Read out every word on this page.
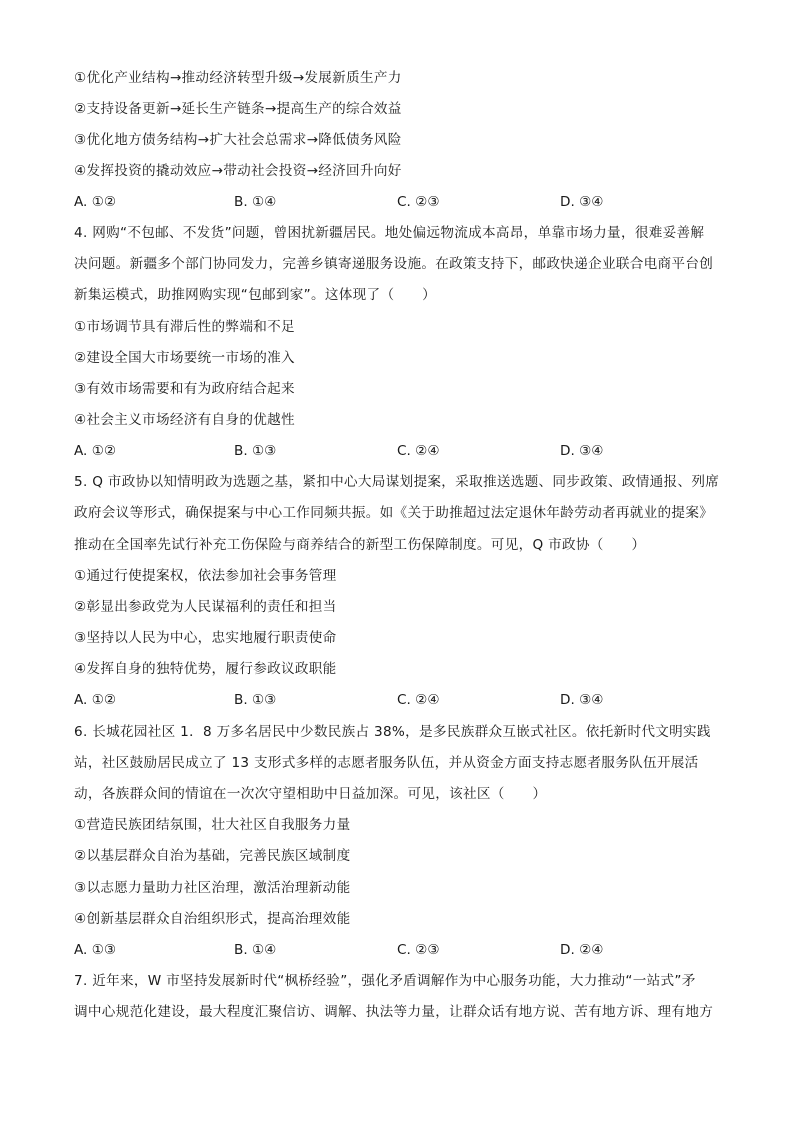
①优化产业结构→推动经济转型升级→发展新质生产力
②支持设备更新→延长生产链条→提高生产的综合效益
③优化地方债务结构→扩大社会总需求→降低债务风险
④发挥投资的撬动效应→带动社会投资→经济回升向好
A. ①②	B. ①④	C. ②③	D. ③④
4. 网购“不包邮、不发货”问题，曾困扰新疆居民。地处偏远物流成本高昂，单靠市场力量，很难妥善解
决问题。新疆多个部门协同发力，完善乡镇寄递服务设施。在政策支持下，邮政快递企业联合电商平台创
新集运模式，助推网购实现“包邮到家”。这体现了（　　）
①市场调节具有滞后性的弊端和不足
②建设全国大市场要统一市场的准入
③有效市场需要和有为政府结合起来
④社会主义市场经济有自身的优越性
A. ①②	B. ①③	C. ②④	D. ③④
5. Q 市政协以知情明政为选题之基，紧扣中心大局谋划提案，采取推送选题、同步政策、政情通报、列席
政府会议等形式，确保提案与中心工作同频共振。如《关于助推超过法定退休年龄劳动者再就业的提案》
推动在全国率先试行补充工伤保险与商养结合的新型工伤保障制度。可见，Q 市政协（　　）
①通过行使提案权，依法参加社会事务管理
②彰显出参政党为人民谋福利的责任和担当
③坚持以人民为中心，忠实地履行职责使命
④发挥自身的独特优势，履行参政议政职能
A. ①②	B. ①③	C. ②④	D. ③④
6. 长城花园社区 1．8 万多名居民中少数民族占 38%，是多民族群众互嵌式社区。依托新时代文明实践
站，社区鼓励居民成立了 13 支形式多样的志愿者服务队伍，并从资金方面支持志愿者服务队伍开展活
动，各族群众间的情谊在一次次守望相助中日益加深。可见，该社区（　　）
①营造民族团结氛围，壮大社区自我服务力量
②以基层群众自治为基础，完善民族区域制度
③以志愿力量助力社区治理，激活治理新动能
④创新基层群众自治组织形式，提高治理效能
A. ①③	B. ①④	C. ②③	D. ②④
7. 近年来，W 市坚持发展新时代“枫桥经验”，强化矛盾调解作为中心服务功能，大力推动“一站式”矛
调中心规范化建设，最大程度汇聚信访、调解、执法等力量，让群众话有地方说、苦有地方诉、理有地方
